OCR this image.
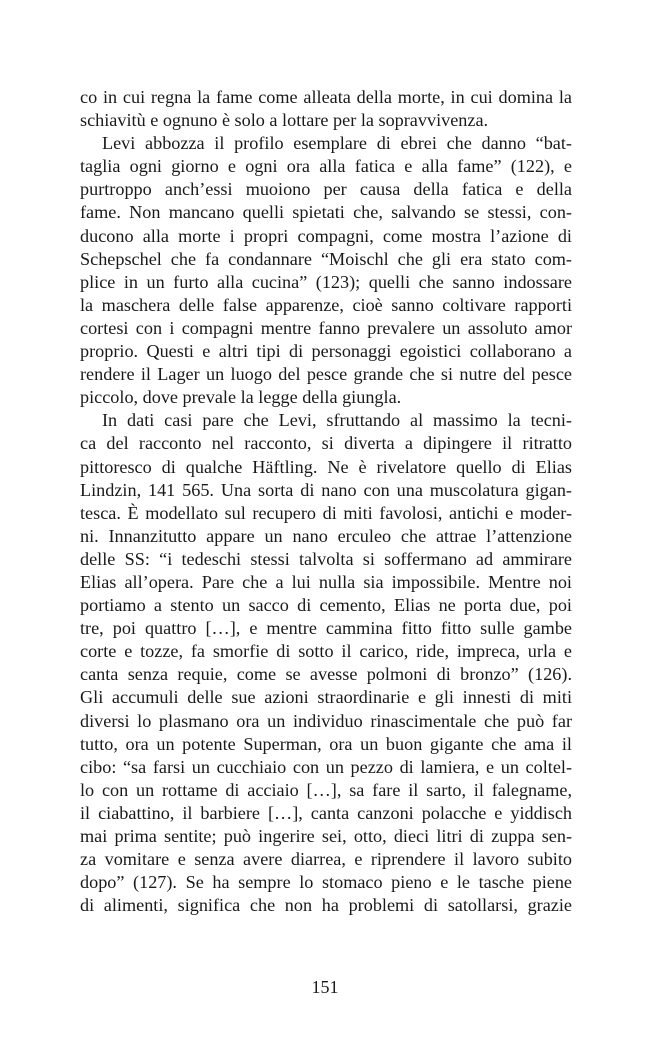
co in cui regna la fame come alleata della morte, in cui domina la
schiavitù e ognuno è solo a lottare per la sopravvivenza.
Levi abbozza il profilo esemplare di ebrei che danno “bat-
taglia ogni giorno e ogni ora alla fatica e alla fame” (122), e
purtroppo anch’essi muoiono per causa della fatica e della
fame. Non mancano quelli spietati che, salvando se stessi, con-
ducono alla morte i propri compagni, come mostra l’azione di
Schepschel che fa condannare “Moischl che gli era stato com-
plice in un furto alla cucina” (123); quelli che sanno indossare
la maschera delle false apparenze, cioè sanno coltivare rapporti
cortesi con i compagni mentre fanno prevalere un assoluto amor
proprio. Questi e altri tipi di personaggi egoistici collaborano a
rendere il Lager un luogo del pesce grande che si nutre del pesce
piccolo, dove prevale la legge della giungla.
In dati casi pare che Levi, sfruttando al massimo la tecni-
ca del racconto nel racconto, si diverta a dipingere il ritratto
pittoresco di qualche Häftling. Ne è rivelatore quello di Elias
Lindzin, 141 565. Una sorta di nano con una muscolatura gigan-
tesca. È modellato sul recupero di miti favolosi, antichi e moder-
ni. Innanzitutto appare un nano erculeo che attrae l’attenzione
delle SS: “i tedeschi stessi talvolta si soffermano ad ammirare
Elias all’opera. Pare che a lui nulla sia impossibile. Mentre noi
portiamo a stento un sacco di cemento, Elias ne porta due, poi
tre, poi quattro […], e mentre cammina fitto fitto sulle gambe
corte e tozze, fa smorfie di sotto il carico, ride, impreca, urla e
canta senza requie, come se avesse polmoni di bronzo” (126).
Gli accumuli delle sue azioni straordinarie e gli innesti di miti
diversi lo plasmano ora un individuo rinascimentale che può far
tutto, ora un potente Superman, ora un buon gigante che ama il
cibo: “sa farsi un cucchiaio con un pezzo di lamiera, e un coltel-
lo con un rottame di acciaio […], sa fare il sarto, il falegname,
il ciabattino, il barbiere […], canta canzoni polacche e yiddisch
mai prima sentite; può ingerire sei, otto, dieci litri di zuppa sen-
za vomitare e senza avere diarrea, e riprendere il lavoro subito
dopo” (127). Se ha sempre lo stomaco pieno e le tasche piene
di alimenti, significa che non ha problemi di satollarsi, grazie
151
